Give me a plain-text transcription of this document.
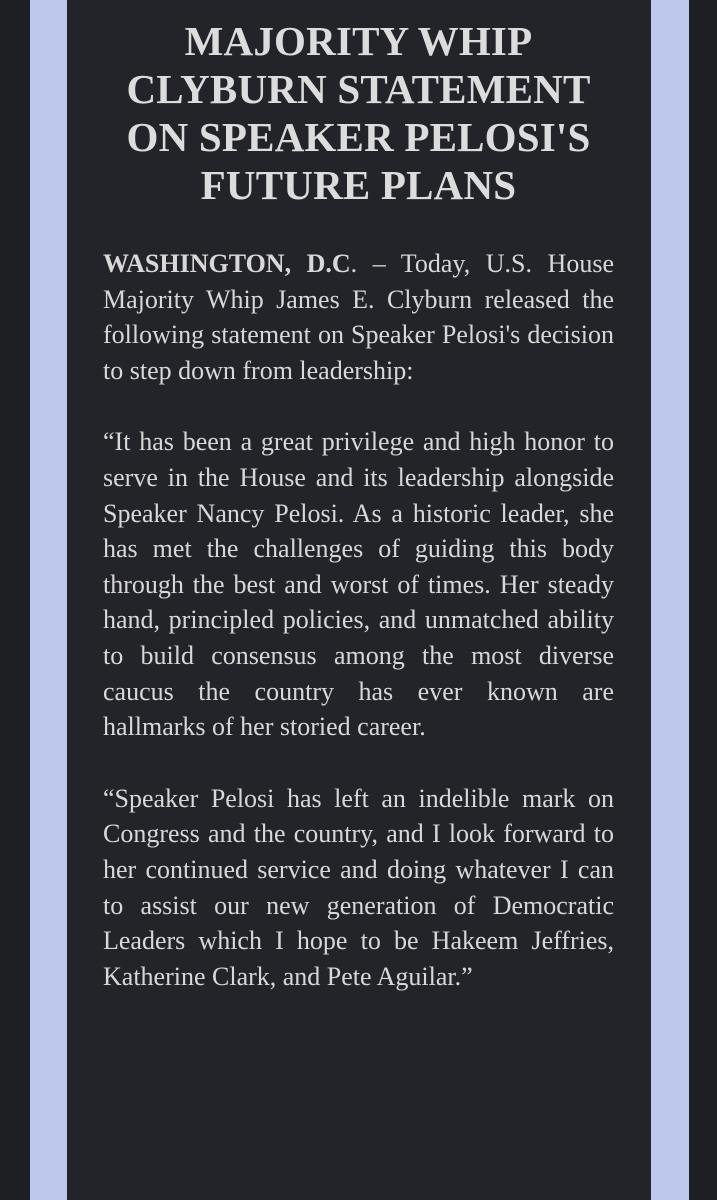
MAJORITY WHIP CLYBURN STATEMENT ON SPEAKER PELOSI'S FUTURE PLANS

WASHINGTON, D.C. – Today, U.S. House Majority Whip James E. Clyburn released the following statement on Speaker Pelosi's decision to step down from leadership:

“It has been a great privilege and high honor to serve in the House and its leadership alongside Speaker Nancy Pelosi. As a historic leader, she has met the challenges of guiding this body through the best and worst of times. Her steady hand, principled policies, and unmatched ability to build consensus among the most diverse caucus the country has ever known are hallmarks of her storied career.

“Speaker Pelosi has left an indelible mark on Congress and the country, and I look forward to her continued service and doing whatever I can to assist our new generation of Democratic Leaders which I hope to be Hakeem Jeffries, Katherine Clark, and Pete Aguilar.”
